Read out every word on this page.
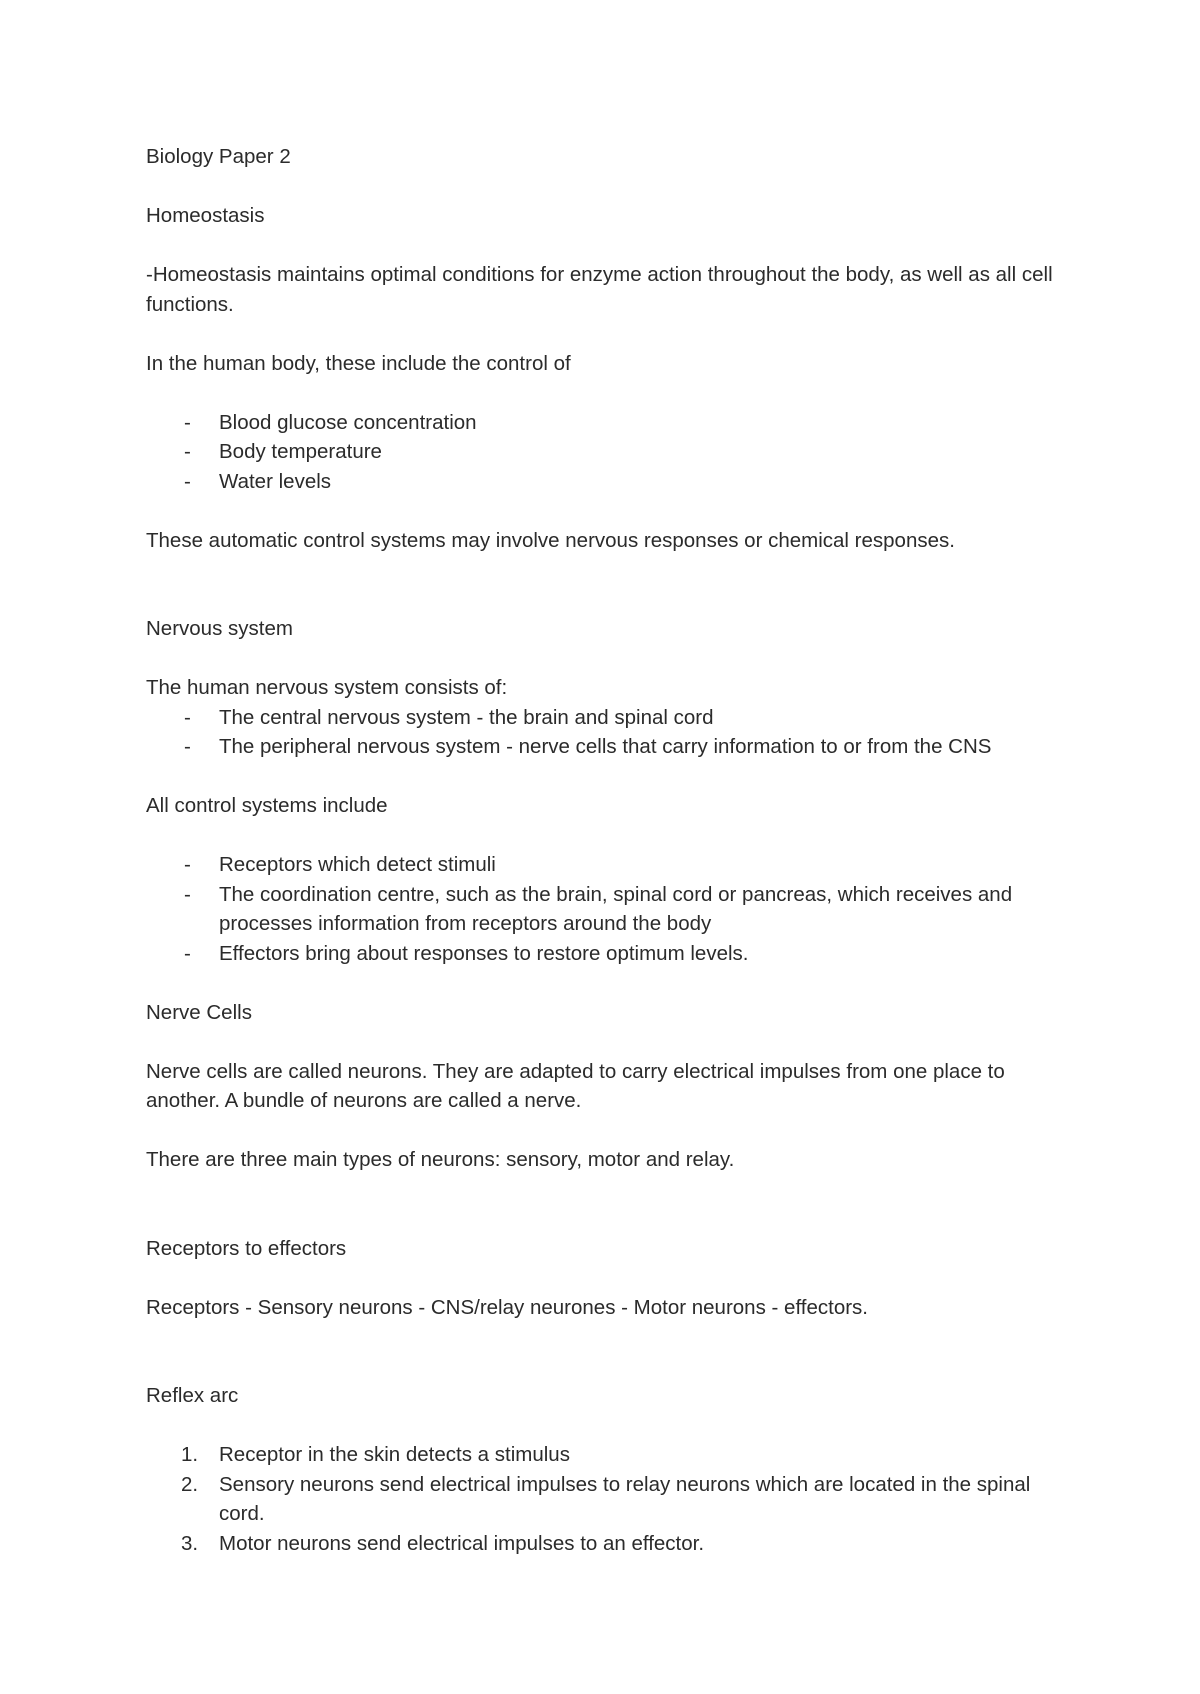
Biology Paper 2

Homeostasis

-Homeostasis maintains optimal conditions for enzyme action throughout the body, as well as all cell functions.

In the human body, these include the control of

- Blood glucose concentration
- Body temperature
- Water levels

These automatic control systems may involve nervous responses or chemical responses.

Nervous system

The human nervous system consists of:

- The central nervous system - the brain and spinal cord
- The peripheral nervous system - nerve cells that carry information to or from the CNS

All control systems include

- Receptors which detect stimuli
- The coordination centre, such as the brain, spinal cord or pancreas, which receives and processes information from receptors around the body
- Effectors bring about responses to restore optimum levels.

Nerve Cells

Nerve cells are called neurons. They are adapted to carry electrical impulses from one place to another. A bundle of neurons are called a nerve.

There are three main types of neurons: sensory, motor and relay.

Receptors to effectors

Receptors - Sensory neurons - CNS/relay neurones - Motor neurons - effectors.

Reflex arc

1. Receptor in the skin detects a stimulus
2. Sensory neurons send electrical impulses to relay neurons which are located in the spinal cord.
3. Motor neurons send electrical impulses to an effector.
